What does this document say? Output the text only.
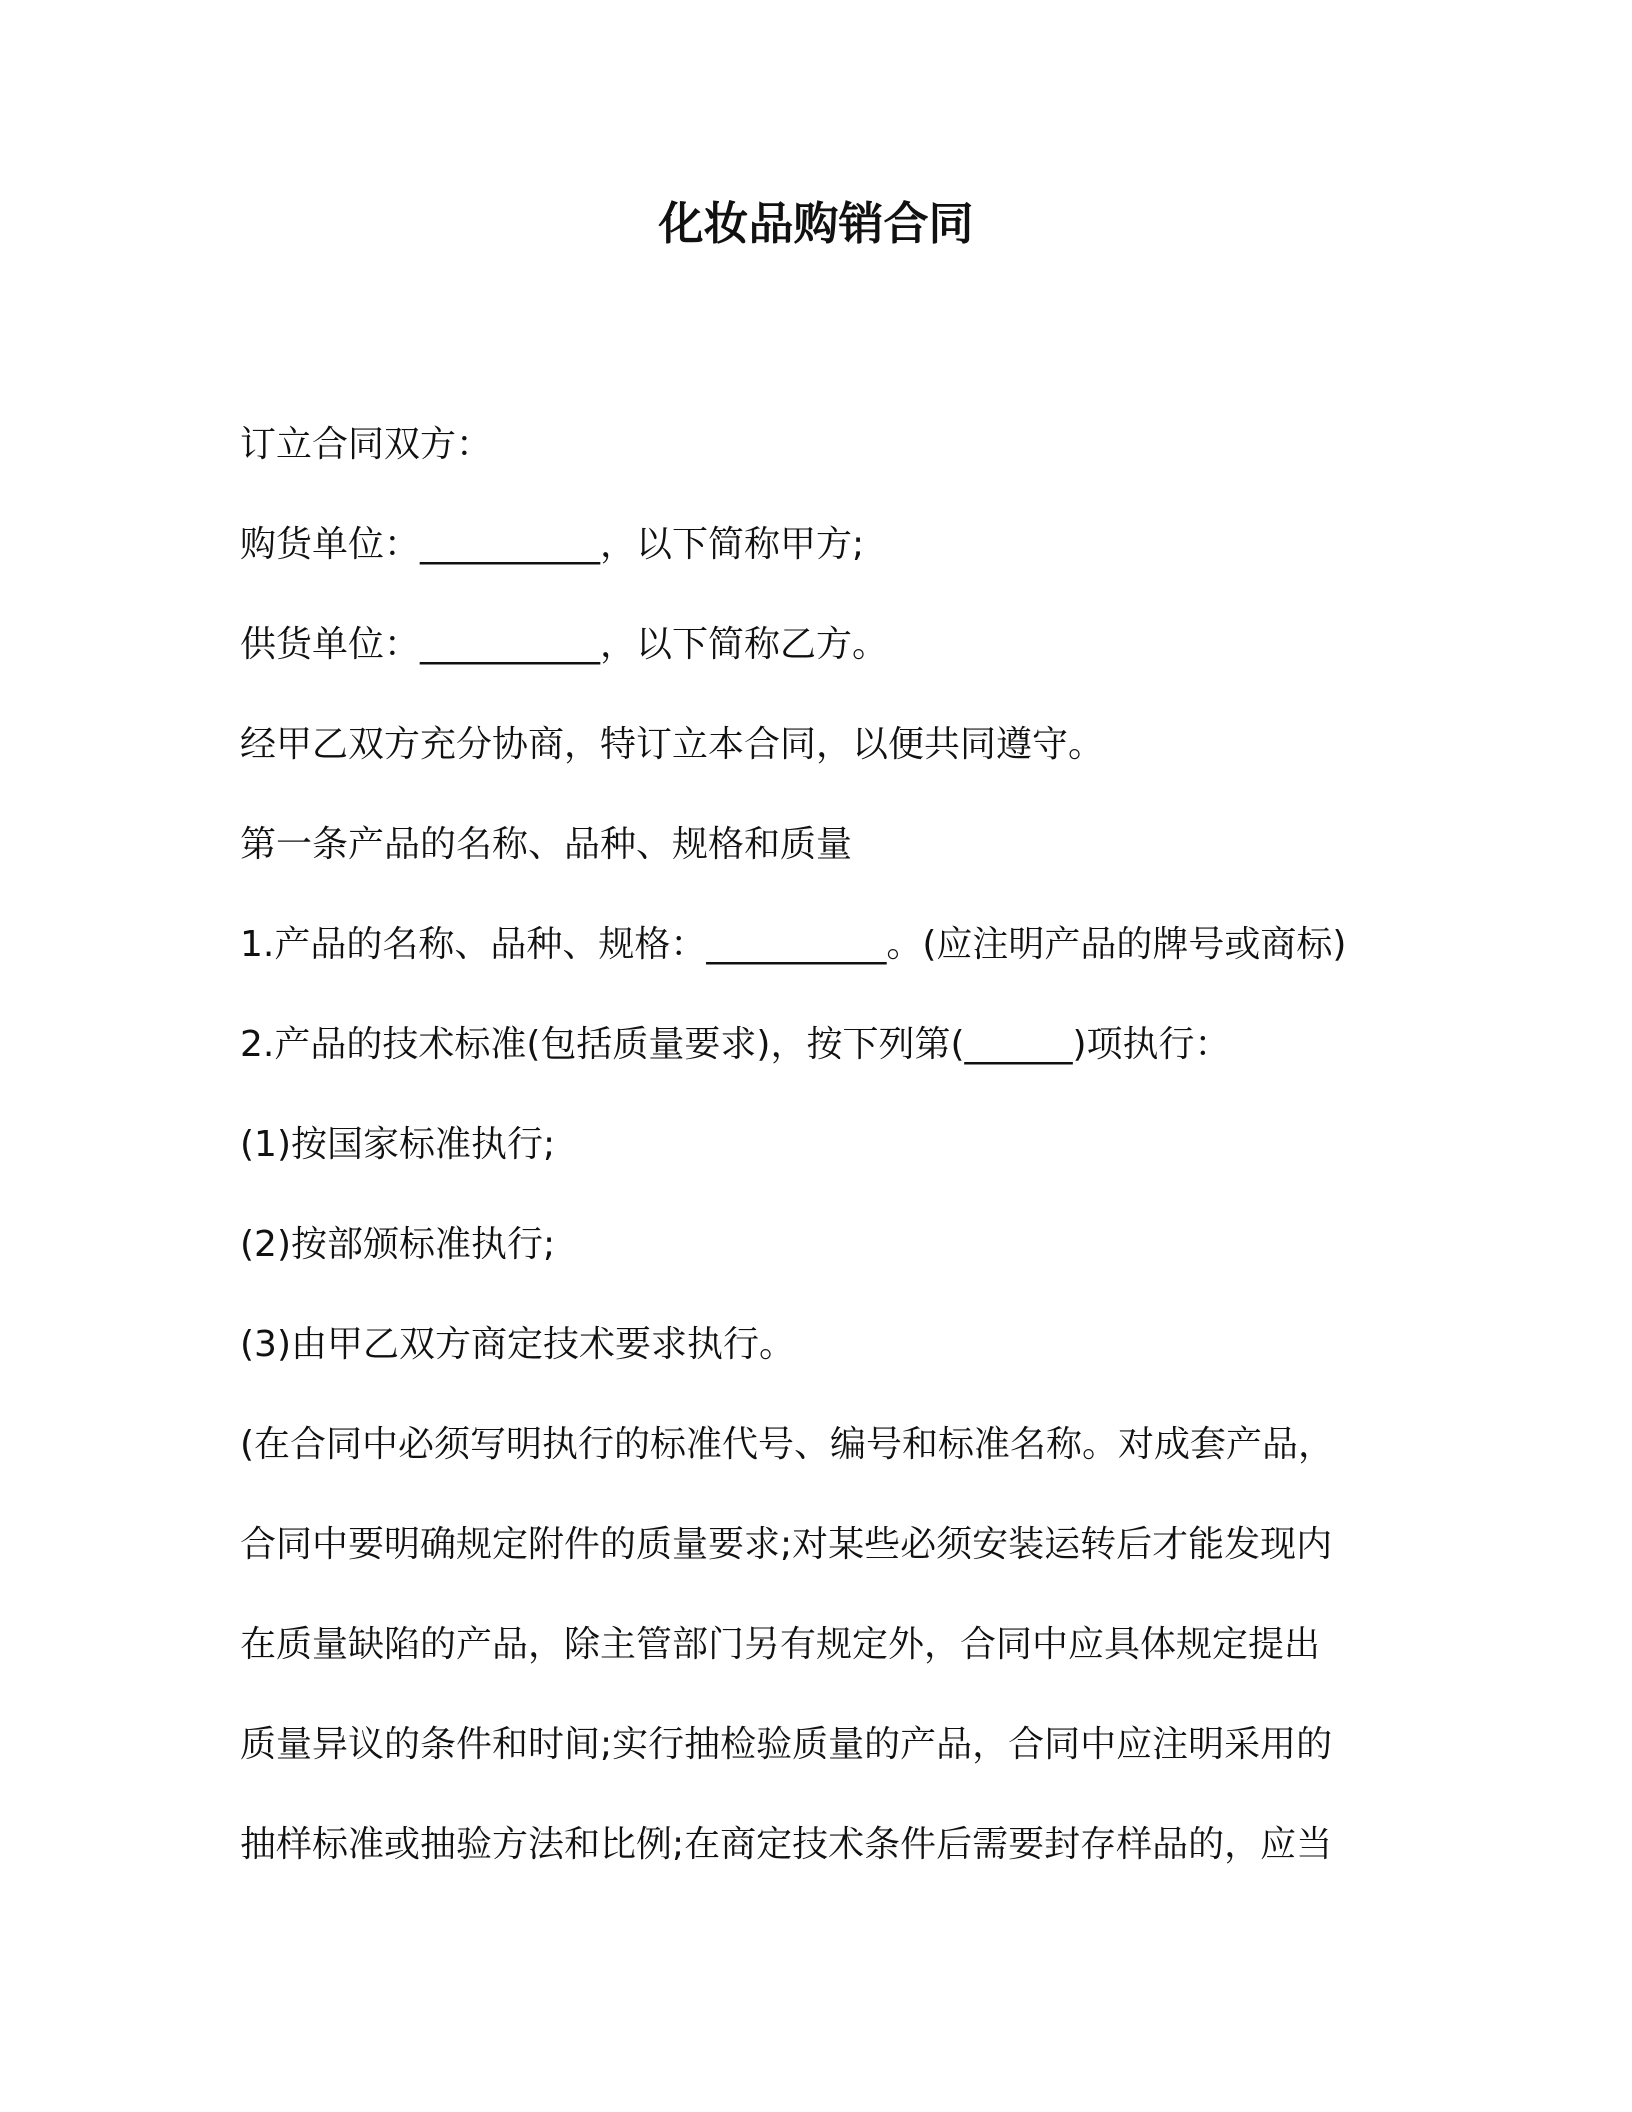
化妆品购销合同
订立合同双方：
购货单位：__________，以下简称甲方;
供货单位：__________，以下简称乙方。
经甲乙双方充分协商，特订立本合同，以便共同遵守。
第一条产品的名称、品种、规格和质量
1.产品的名称、品种、规格：__________。(应注明产品的牌号或商标)
2.产品的技术标准(包括质量要求)，按下列第(______)项执行：
(1)按国家标准执行;
(2)按部颁标准执行;
(3)由甲乙双方商定技术要求执行。
(在合同中必须写明执行的标准代号、编号和标准名称。对成套产品，
合同中要明确规定附件的质量要求;对某些必须安装运转后才能发现内
在质量缺陷的产品，除主管部门另有规定外，合同中应具体规定提出
质量异议的条件和时间;实行抽检验质量的产品，合同中应注明采用的
抽样标准或抽验方法和比例;在商定技术条件后需要封存样品的，应当
